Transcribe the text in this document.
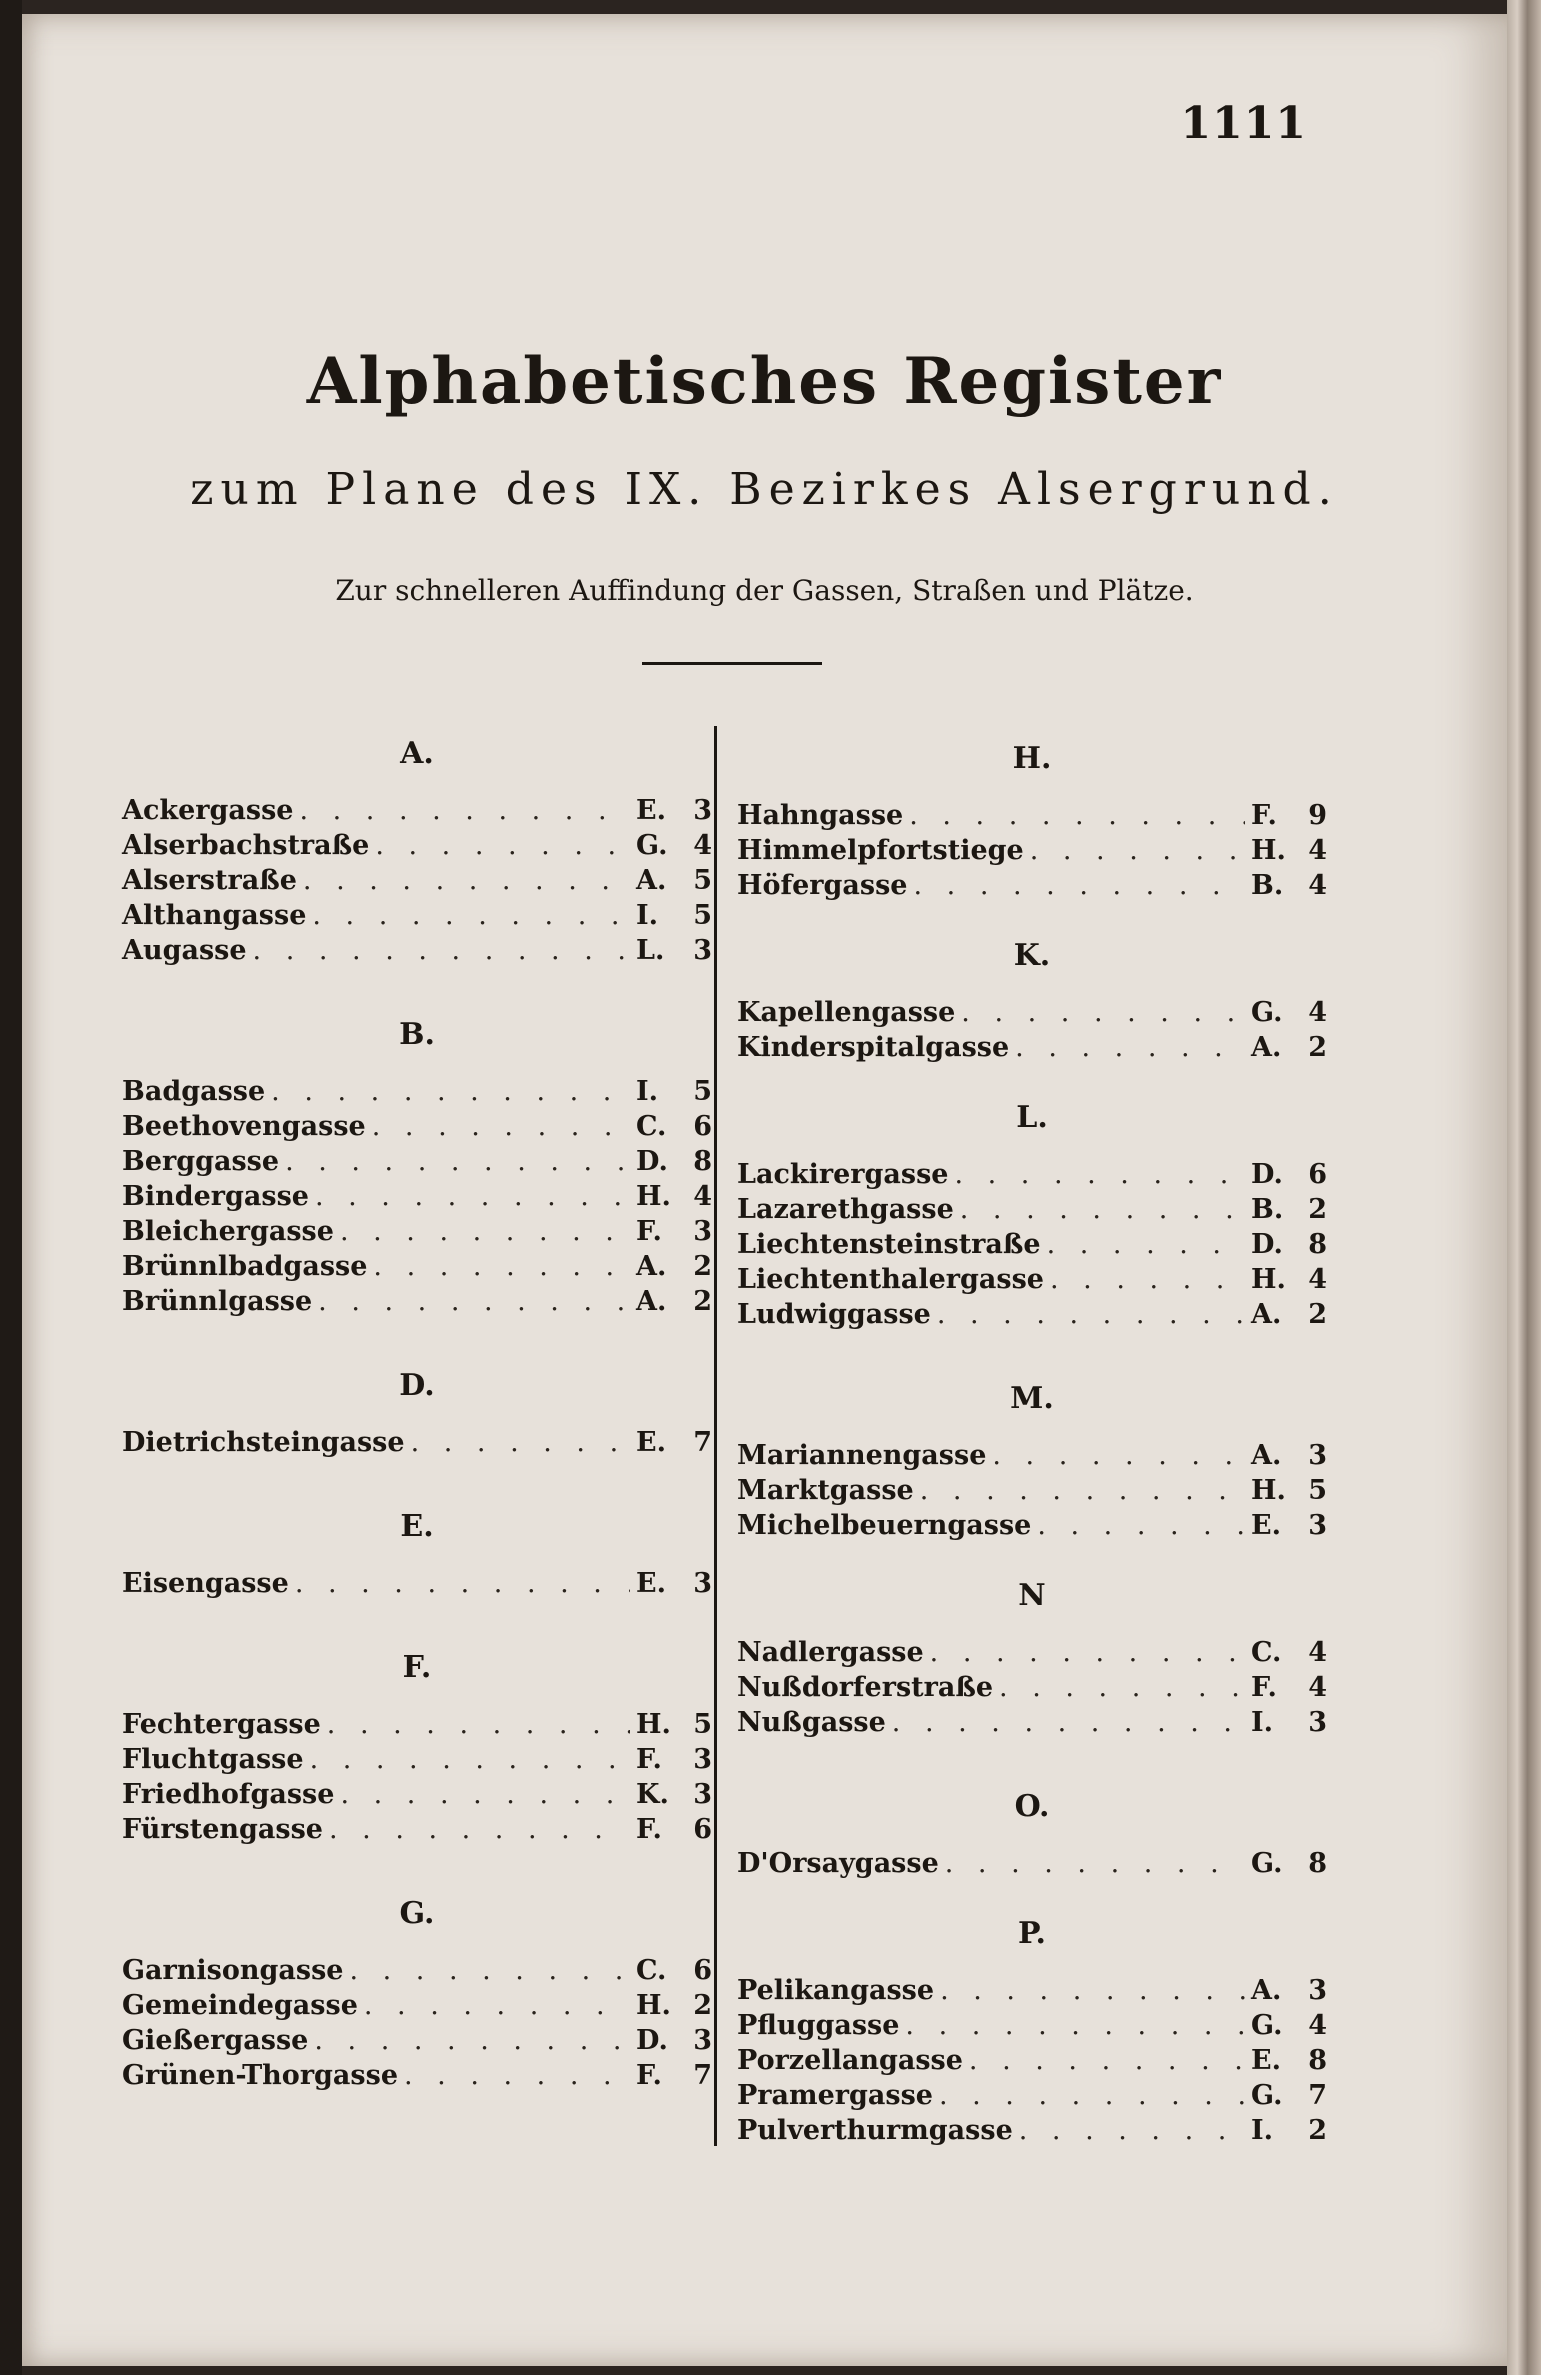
1111
Alphabetisches Register
zum Plane des IX. Bezirkes Alsergrund.
Zur schnelleren Auffindung der Gassen, Straßen und Plätze.
A.
Ackergasse . . .	E.	3
Alserbachstraße . . .	G. 4
Alserstraße . . .	A. 5
Althangasse . . .	I.	5
Augasse . . .	L.	3
B.
Badgasse . . .	I.	5
Beethovengasse . . .	C. 6
Berggasse . . .	D. 8
Bindergasse . . .	H. 4
Bleichergasse . . .	F.	3
Brünnlbadgasse . . .	A. 2
Brünnlgasse . . .	A. 2
D.
Dietrichsteingasse . . .	E.	7
E.
Eisengasse . . .	E.	3
F.
Fechtergasse . . .	H. 5
Fluchtgasse . . .	F.	3
Friedhofgasse . . .	K. 3
Fürstengasse . . .	F.	6
G.
Garnisongasse . . .	C. 6
Gemeindegasse . . .	H. 2
Gießergasse . . .	D. 3
Grünen-Thorgasse . . .	F.	7
H.
Hahngasse . . .	F.	9
Himmelpfortstiege . . .	H. 4
Höfergasse . . .	B. 4
K.
Kapellengasse . . .	G. 4
Kinderspitalgasse . . .	A. 2
L.
Lackirergasse . . .	D. 6
Lazarethgasse . . .	B. 2
Liechtensteinstraße . . .	D. 8
Liechtenthalergasse . . .	H. 4
Ludwiggasse . . .	A. 2
M.
Mariannengasse . . .	A. 3
Marktgasse . . .	H. 5
Michelbeuerngasse . . .	E.	3
N
Nadlergasse . . .	C. 4
Nußdorferstraße . . .	F.	4
Nußgasse . . .	I.	3
O.
D'Orsaygasse . . .	G. 8
P.
Pelikangasse . . .	A. 3
Pfluggasse . . .	G. 4
Porzellangasse . . .	E.	8
Pramergasse . . .	G. 7
Pulverthurmgasse . . .	I.	2
